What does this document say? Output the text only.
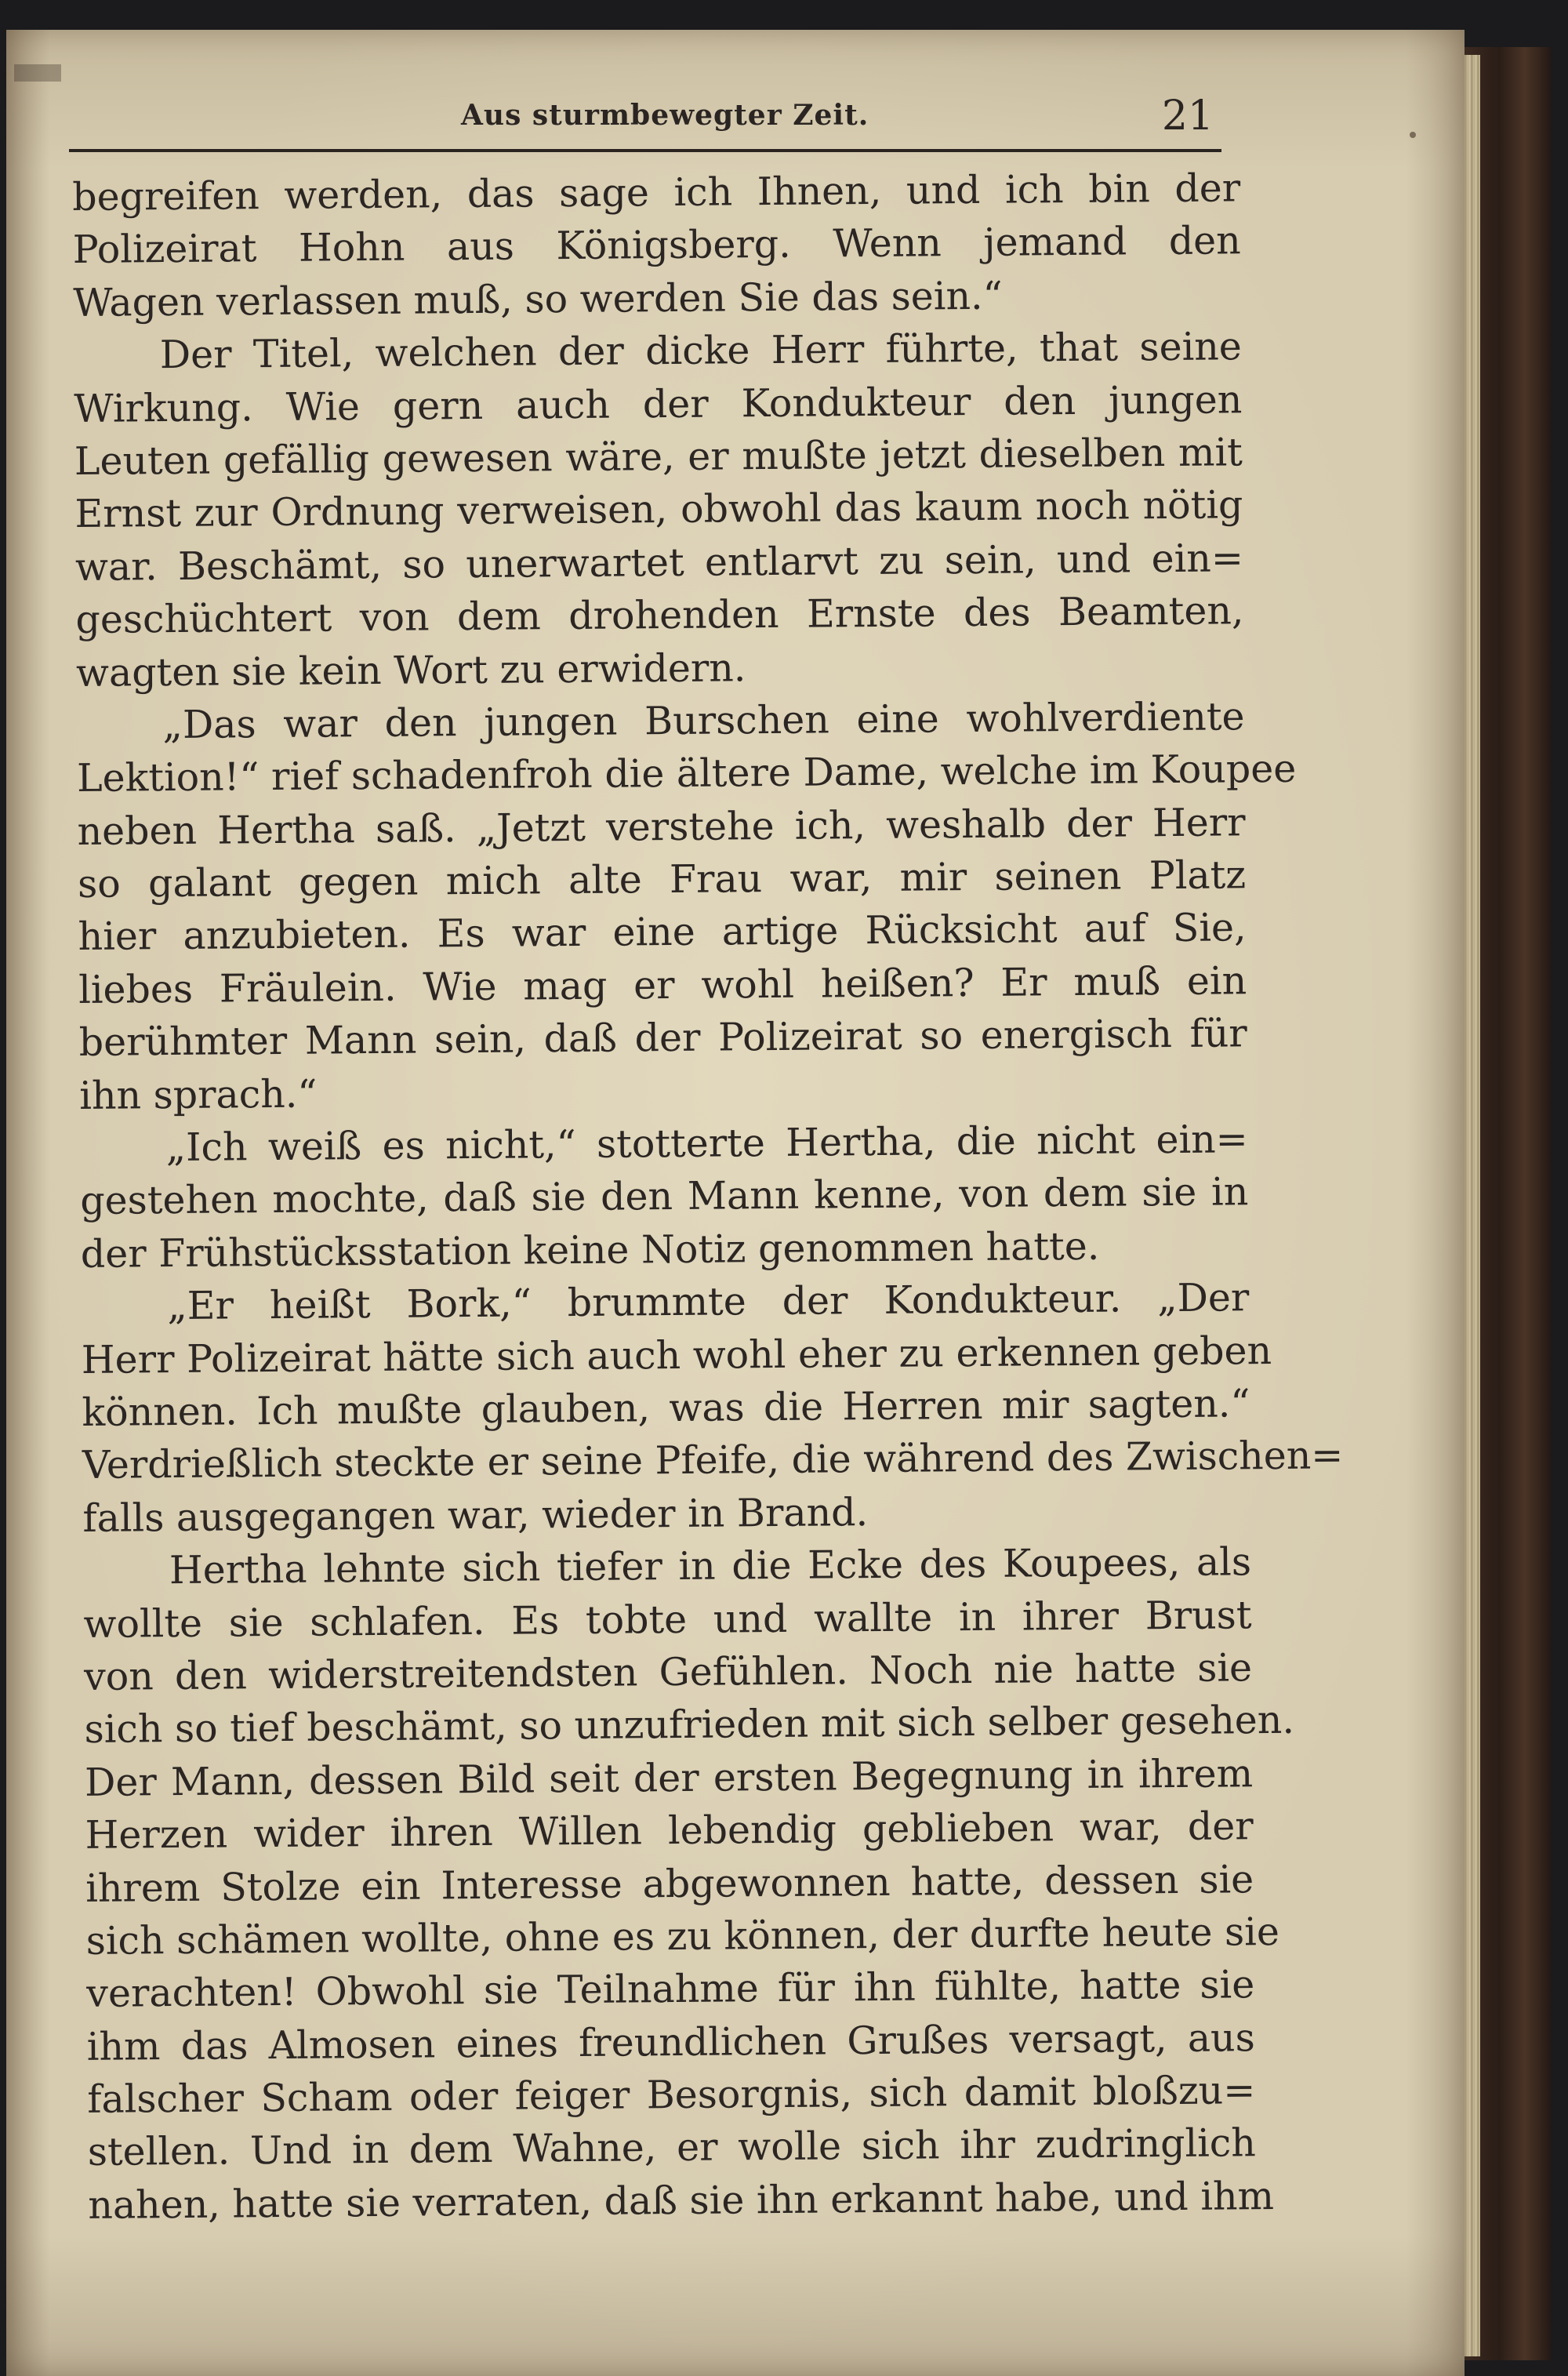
Aus sturmbewegter Zeit.	21
begreifen werden, das sage ich Ihnen, und ich bin der
Polizeirat Hohn aus Königsberg. Wenn jemand den
Wagen verlassen muß, so werden Sie das sein.“
Der Titel, welchen der dicke Herr führte, that seine
Wirkung. Wie gern auch der Kondukteur den jungen
Leuten gefällig gewesen wäre, er mußte jetzt dieselben mit
Ernst zur Ordnung verweisen, obwohl das kaum noch nötig
war. Beschämt, so unerwartet entlarvt zu sein, und ein=
geschüchtert von dem drohenden Ernste des Beamten,
wagten sie kein Wort zu erwidern.
„Das war den jungen Burschen eine wohlverdiente
Lektion!“ rief schadenfroh die ältere Dame, welche im Koupee
neben Hertha saß. „Jetzt verstehe ich, weshalb der Herr
so galant gegen mich alte Frau war, mir seinen Platz
hier anzubieten. Es war eine artige Rücksicht auf Sie,
liebes Fräulein. Wie mag er wohl heißen? Er muß ein
berühmter Mann sein, daß der Polizeirat so energisch für
ihn sprach.“
„Ich weiß es nicht,“ stotterte Hertha, die nicht ein=
gestehen mochte, daß sie den Mann kenne, von dem sie in
der Frühstücksstation keine Notiz genommen hatte.
„Er heißt Bork,“ brummte der Kondukteur. „Der
Herr Polizeirat hätte sich auch wohl eher zu erkennen geben
können. Ich mußte glauben, was die Herren mir sagten.“
Verdrießlich steckte er seine Pfeife, die während des Zwischen=
falls ausgegangen war, wieder in Brand.
Hertha lehnte sich tiefer in die Ecke des Koupees, als
wollte sie schlafen. Es tobte und wallte in ihrer Brust
von den widerstreitendsten Gefühlen. Noch nie hatte sie
sich so tief beschämt, so unzufrieden mit sich selber gesehen.
Der Mann, dessen Bild seit der ersten Begegnung in ihrem
Herzen wider ihren Willen lebendig geblieben war, der
ihrem Stolze ein Interesse abgewonnen hatte, dessen sie
sich schämen wollte, ohne es zu können, der durfte heute sie
verachten! Obwohl sie Teilnahme für ihn fühlte, hatte sie
ihm das Almosen eines freundlichen Grußes versagt, aus
falscher Scham oder feiger Besorgnis, sich damit bloßzu=
stellen. Und in dem Wahne, er wolle sich ihr zudringlich
nahen, hatte sie verraten, daß sie ihn erkannt habe, und ihm
